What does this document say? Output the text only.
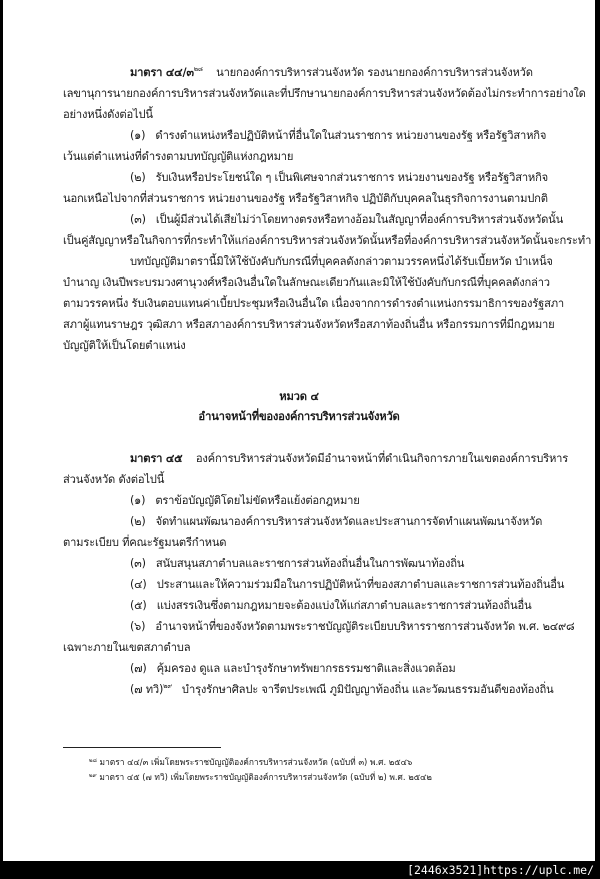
มาตรา ๔๔/๓$^{๒๘}$ นายกองค์การบริหารส่วนจังหวัด รองนายกองค์การบริหารส่วนจังหวัด
เลขานุการนายกองค์การบริหารส่วนจังหวัดและที่ปรึกษานายกองค์การบริหารส่วนจังหวัดต้องไม่กระทำการอย่างใด
อย่างหนึ่งดังต่อไปนี้
(๑) ดำรงตำแหน่งหรือปฏิบัติหน้าที่อื่นใดในส่วนราชการ หน่วยงานของรัฐ หรือรัฐวิสาหกิจ
เว้นแต่ตำแหน่งที่ดำรงตามบทบัญญัติแห่งกฎหมาย
(๒) รับเงินหรือประโยชน์ใด ๆ เป็นพิเศษจากส่วนราชการ หน่วยงานของรัฐ หรือรัฐวิสาหกิจ
นอกเหนือไปจากที่ส่วนราชการ หน่วยงานของรัฐ หรือรัฐวิสาหกิจ ปฏิบัติกับบุคคลในธุรกิจการงานตามปกติ
(๓) เป็นผู้มีส่วนได้เสียไม่ว่าโดยทางตรงหรือทางอ้อมในสัญญาที่องค์การบริหารส่วนจังหวัดนั้น
เป็นคู่สัญญาหรือในกิจการที่กระทำให้แก่องค์การบริหารส่วนจังหวัดนั้นหรือที่องค์การบริหารส่วนจังหวัดนั้นจะกระทำ
บทบัญญัติมาตรานี้มิให้ใช้บังคับกับกรณีที่บุคคลดังกล่าวตามวรรคหนึ่งได้รับเบี้ยหวัด บำเหน็จ
บำนาญ เงินปีพระบรมวงศานุวงศ์หรือเงินอื่นใดในลักษณะเดียวกันและมิให้ใช้บังคับกับกรณีที่บุคคลดังกล่าว
ตามวรรคหนึ่ง รับเงินตอบแทนค่าเบี้ยประชุมหรือเงินอื่นใด เนื่องจากการดำรงตำแหน่งกรรมาธิการของรัฐสภา
สภาผู้แทนราษฎร วุฒิสภา หรือสภาองค์การบริหารส่วนจังหวัดหรือสภาท้องถิ่นอื่น หรือกรรมการที่มีกฎหมาย
บัญญัติให้เป็นโดยตำแหน่ง
หมวด ๔
อำนาจหน้าที่ขององค์การบริหารส่วนจังหวัด
มาตรา ๔๕ องค์การบริหารส่วนจังหวัดมีอำนาจหน้าที่ดำเนินกิจการภายในเขตองค์การบริหาร
ส่วนจังหวัด ดังต่อไปนี้
(๑) ตราข้อบัญญัติโดยไม่ขัดหรือแย้งต่อกฎหมาย
(๒) จัดทำแผนพัฒนาองค์การบริหารส่วนจังหวัดและประสานการจัดทำแผนพัฒนาจังหวัด
ตามระเบียบ ที่คณะรัฐมนตรีกำหนด
(๓) สนับสนุนสภาตำบลและราชการส่วนท้องถิ่นอื่นในการพัฒนาท้องถิ่น
(๔) ประสานและให้ความร่วมมือในการปฏิบัติหน้าที่ของสภาตำบลและราชการส่วนท้องถิ่นอื่น
(๕) แบ่งสรรเงินซึ่งตามกฎหมายจะต้องแบ่งให้แก่สภาตำบลและราชการส่วนท้องถิ่นอื่น
(๖) อำนาจหน้าที่ของจังหวัดตามพระราชบัญญัติระเบียบบริหารราชการส่วนจังหวัด พ.ศ. ๒๔๙๘
เฉพาะภายในเขตสภาตำบล
(๗) คุ้มครอง ดูแล และบำรุงรักษาทรัพยากรธรรมชาติและสิ่งแวดล้อม
(๗ ทวิ)$^{๒๙}$ บำรุงรักษาศิลปะ จารีตประเพณี ภูมิปัญญาท้องถิ่น และวัฒนธรรมอันดีของท้องถิ่น
$^{๒๘}$ มาตรา ๔๔/๓ เพิ่มโดยพระราชบัญญัติองค์การบริหารส่วนจังหวัด (ฉบับที่ ๓) พ.ศ. ๒๕๔๖
$^{๒๙}$ มาตรา ๔๕ (๗ ทวิ) เพิ่มโดยพระราชบัญญัติองค์การบริหารส่วนจังหวัด (ฉบับที่ ๒) พ.ศ. ๒๕๔๒
[2446x3521]https://uplc.me/
